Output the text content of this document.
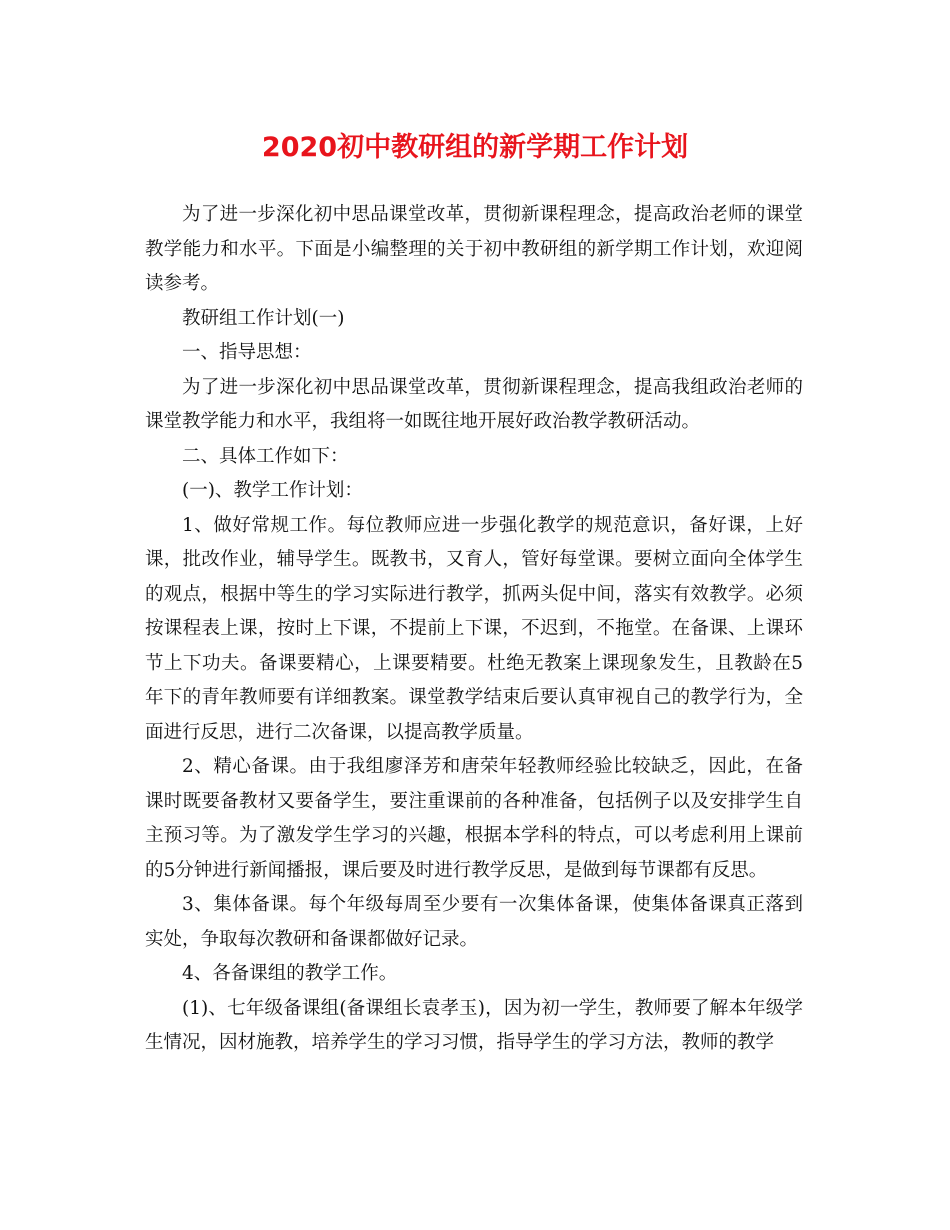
2020初中教研组的新学期工作计划

为了进一步深化初中思品课堂改革，贯彻新课程理念，提高政治老师的课堂教学能力和水平。下面是小编整理的关于初中教研组的新学期工作计划，欢迎阅读参考。

教研组工作计划(一)

一、指导思想：

为了进一步深化初中思品课堂改革，贯彻新课程理念，提高我组政治老师的课堂教学能力和水平，我组将一如既往地开展好政治教学教研活动。

二、具体工作如下：

(一)、教学工作计划：

1、做好常规工作。每位教师应进一步强化教学的规范意识，备好课，上好课，批改作业，辅导学生。既教书，又育人，管好每堂课。要树立面向全体学生的观点，根据中等生的学习实际进行教学，抓两头促中间，落实有效教学。必须按课程表上课，按时上下课，不提前上下课，不迟到，不拖堂。在备课、上课环节上下功夫。备课要精心，上课要精要。杜绝无教案上课现象发生，且教龄在5年下的青年教师要有详细教案。课堂教学结束后要认真审视自己的教学行为，全面进行反思，进行二次备课，以提高教学质量。

2、精心备课。由于我组廖泽芳和唐荣年轻教师经验比较缺乏，因此，在备课时既要备教材又要备学生，要注重课前的各种准备，包括例子以及安排学生自主预习等。为了激发学生学习的兴趣，根据本学科的特点，可以考虑利用上课前的5分钟进行新闻播报，课后要及时进行教学反思，是做到每节课都有反思。

3、集体备课。每个年级每周至少要有一次集体备课，使集体备课真正落到实处，争取每次教研和备课都做好记录。

4、各备课组的教学工作。

(1)、七年级备课组(备课组长袁孝玉)，因为初一学生，教师要了解本年级学生情况，因材施教，培养学生的学习习惯，指导学生的学习方法，教师的教学
